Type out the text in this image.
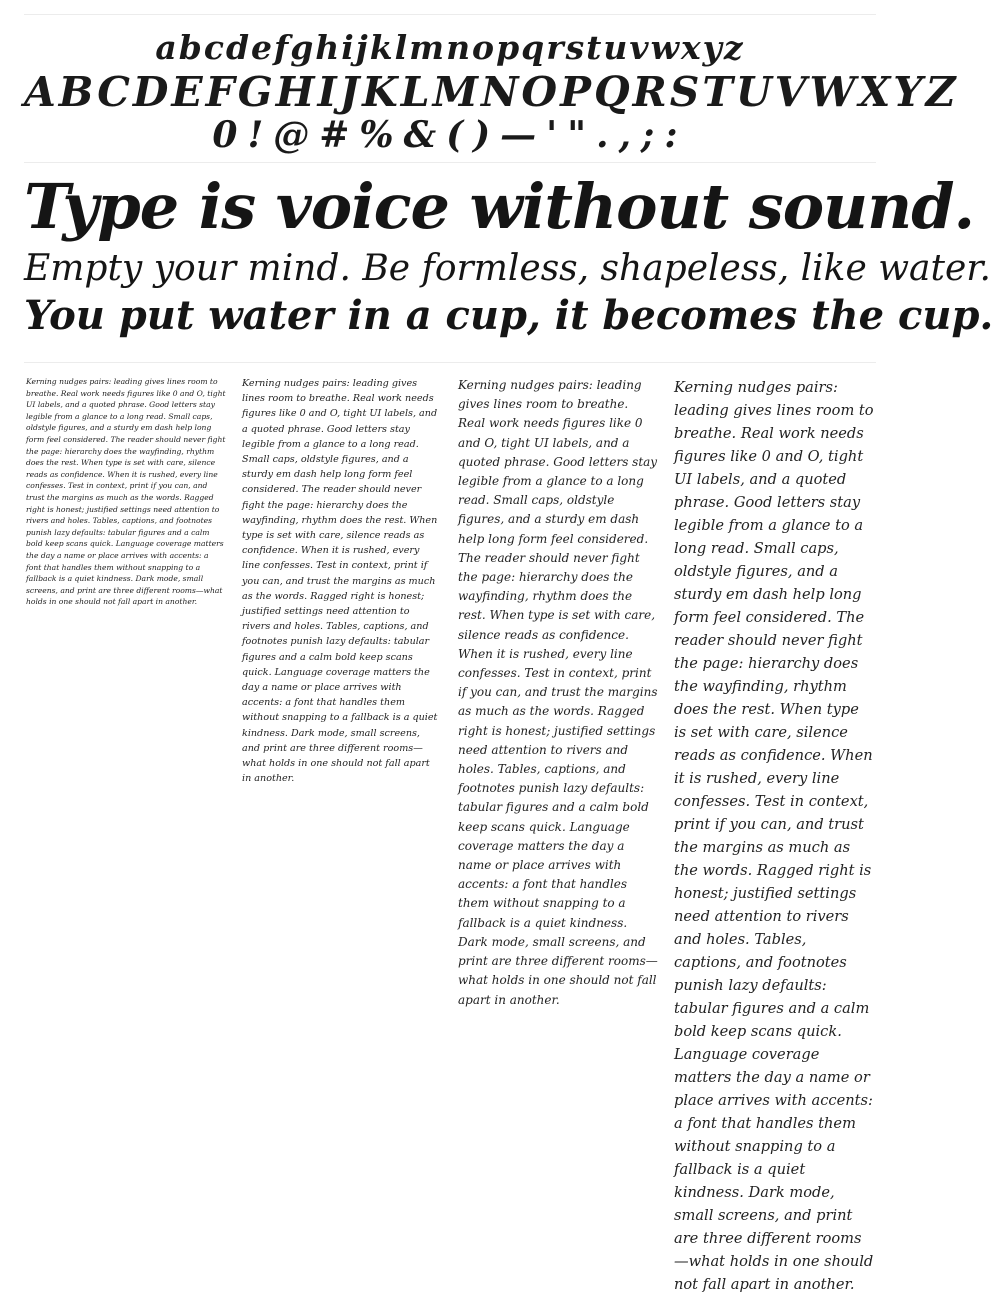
abcdefghijklmnopqrstuvwxyz
ABCDEFGHIJKLMNOPQRSTUVWXYZ
0!@#%&()—'".,;:
Type is voice without sound.
Empty your mind. Be formless, shapeless, like water.
You put water in a cup, it becomes the cup.

Kerning nudges pairs: leading gives lines room to breathe. Real work needs figures like 0 and O, tight UI labels, and a quoted phrase. Good letters stay legible from a glance to a long read. Small caps, oldstyle figures, and a sturdy em dash help long form feel considered. The reader should never fight the page: hierarchy does the wayfinding, rhythm does the rest. When type is set with care, silence reads as confidence. When it is rushed, every line confesses. Test in context, print if you can, and trust the margins as much as the words. Ragged right is honest; justified settings need attention to rivers and holes. Tables, captions, and footnotes punish lazy defaults: tabular figures and a calm bold keep scans quick. Language coverage matters the day a name or place arrives with accents: a font that handles them without snapping to a fallback is a quiet kindness. Dark mode, small screens, and print are three different rooms—what holds in one should not fall apart in another.

Kerning nudges pairs: leading gives lines room to breathe. Real work needs figures like 0 and O, tight UI labels, and a quoted phrase. Good letters stay legible from a glance to a long read. Small caps, oldstyle figures, and a sturdy em dash help long form feel considered. The reader should never fight the page: hierarchy does the wayfinding, rhythm does the rest. When type is set with care, silence reads as confidence. When it is rushed, every line confesses. Test in context, print if you can, and trust the margins as much as the words. Ragged right is honest; justified settings need attention to rivers and holes. Tables, captions, and footnotes punish lazy defaults: tabular figures and a calm bold keep scans quick. Language coverage matters the day a name or place arrives with accents: a font that handles them without snapping to a fallback is a quiet kindness. Dark mode, small screens, and print are three different rooms—what holds in one should not fall apart in another.

Kerning nudges pairs: leading gives lines room to breathe. Real work needs figures like 0 and O, tight UI labels, and a quoted phrase. Good letters stay legible from a glance to a long read. Small caps, oldstyle figures, and a sturdy em dash help long form feel considered. The reader should never fight the page: hierarchy does the wayfinding, rhythm does the rest. When type is set with care, silence reads as confidence. When it is rushed, every line confesses. Test in context, print if you can, and trust the margins as much as the words. Ragged right is honest; justified settings need attention to rivers and holes. Tables, captions, and footnotes punish lazy defaults: tabular figures and a calm bold keep scans quick. Language coverage matters the day a name or place arrives with accents: a font that handles them without snapping to a fallback is a quiet kindness. Dark mode, small screens, and print are three different rooms—what holds in one should not fall apart in another.

Kerning nudges pairs: leading gives lines room to breathe. Real work needs figures like 0 and O, tight UI labels, and a quoted phrase. Good letters stay legible from a glance to a long read. Small caps, oldstyle figures, and a sturdy em dash help long form feel considered. The reader should never fight the page: hierarchy does the wayfinding, rhythm does the rest. When type is set with care, silence reads as confidence. When it is rushed, every line confesses. Test in context, print if you can, and trust the margins as much as the words. Ragged right is honest; justified settings need attention to rivers and holes. Tables, captions, and footnotes punish lazy defaults: tabular figures and a calm bold keep scans quick. Language coverage matters the day a name or place arrives with accents: a font that handles them without snapping to a fallback is a quiet kindness. Dark mode, small screens, and print are three different rooms—what holds in one should not fall apart in another.
